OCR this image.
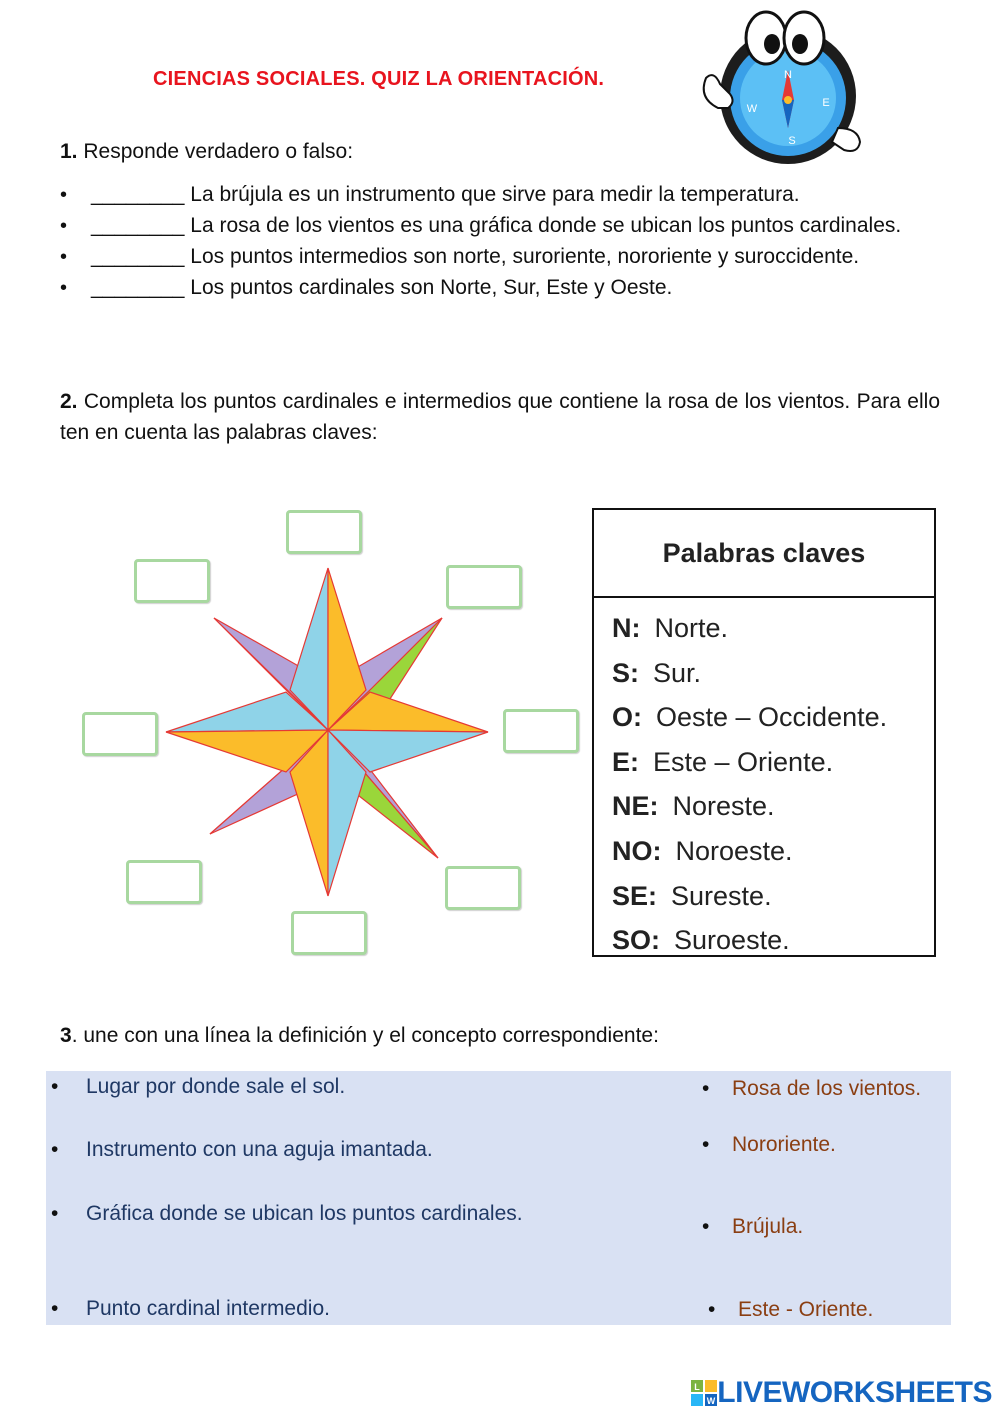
CIENCIAS SOCIALES. QUIZ LA ORIENTACIÓN.	N
E
S
W
1. Responde verdadero o falso:
• ________ La brújula es un instrumento que sirve para medir la temperatura.
• ________ La rosa de los vientos es una gráfica donde se ubican los puntos cardinales.
• ________ Los puntos intermedios son norte, suroriente, nororiente y suroccidente.
• ________ Los puntos cardinales son Norte, Sur, Este y Oeste.
2. Completa los puntos cardinales e intermedios que contiene la rosa de los vientos. Para ello ten en cuenta las palabras claves:
Palabras claves
N: Norte.
S: Sur.
O: Oeste – Occidente.
E: Este – Oriente.
NE: Noreste.
NO: Noroeste.
SE: Sureste.
SO: Suroeste.
3. une con una línea la definición y el concepto correspondiente:
• Lugar por donde sale el sol.
• Instrumento con una aguja imantada.
• Gráfica donde se ubican los puntos cardinales.
• Punto cardinal intermedio.
• Rosa de los vientos.
• Nororiente.
• Brújula.
• Este - Oriente.
L
W LIVEWORKSHEETS
